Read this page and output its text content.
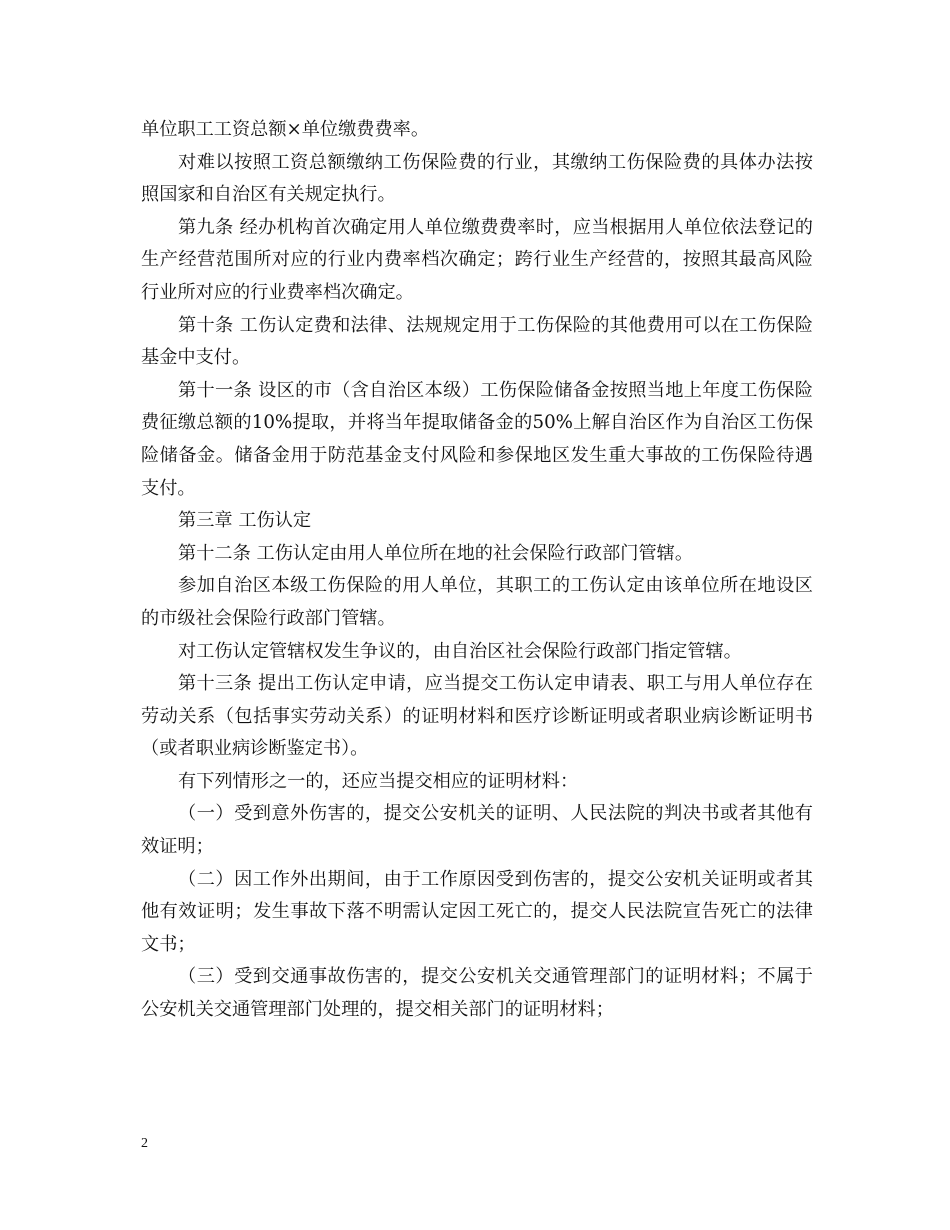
单位职工工资总额×单位缴费费率。

对难以按照工资总额缴纳工伤保险费的行业，其缴纳工伤保险费的具体办法按照国家和自治区有关规定执行。

第九条 经办机构首次确定用人单位缴费费率时，应当根据用人单位依法登记的生产经营范围所对应的行业内费率档次确定；跨行业生产经营的，按照其最高风险行业所对应的行业费率档次确定。

第十条 工伤认定费和法律、法规规定用于工伤保险的其他费用可以在工伤保险基金中支付。

第十一条 设区的市（含自治区本级）工伤保险储备金按照当地上年度工伤保险费征缴总额的10%提取，并将当年提取储备金的50%上解自治区作为自治区工伤保险储备金。储备金用于防范基金支付风险和参保地区发生重大事故的工伤保险待遇支付。

第三章 工伤认定

第十二条 工伤认定由用人单位所在地的社会保险行政部门管辖。

参加自治区本级工伤保险的用人单位，其职工的工伤认定由该单位所在地设区的市级社会保险行政部门管辖。

对工伤认定管辖权发生争议的，由自治区社会保险行政部门指定管辖。

第十三条 提出工伤认定申请，应当提交工伤认定申请表、职工与用人单位存在劳动关系（包括事实劳动关系）的证明材料和医疗诊断证明或者职业病诊断证明书（或者职业病诊断鉴定书）。

有下列情形之一的，还应当提交相应的证明材料：

（一）受到意外伤害的，提交公安机关的证明、人民法院的判决书或者其他有效证明；

（二）因工作外出期间，由于工作原因受到伤害的，提交公安机关证明或者其他有效证明；发生事故下落不明需认定因工死亡的，提交人民法院宣告死亡的法律文书；

（三）受到交通事故伤害的，提交公安机关交通管理部门的证明材料；不属于公安机关交通管理部门处理的，提交相关部门的证明材料；

2
